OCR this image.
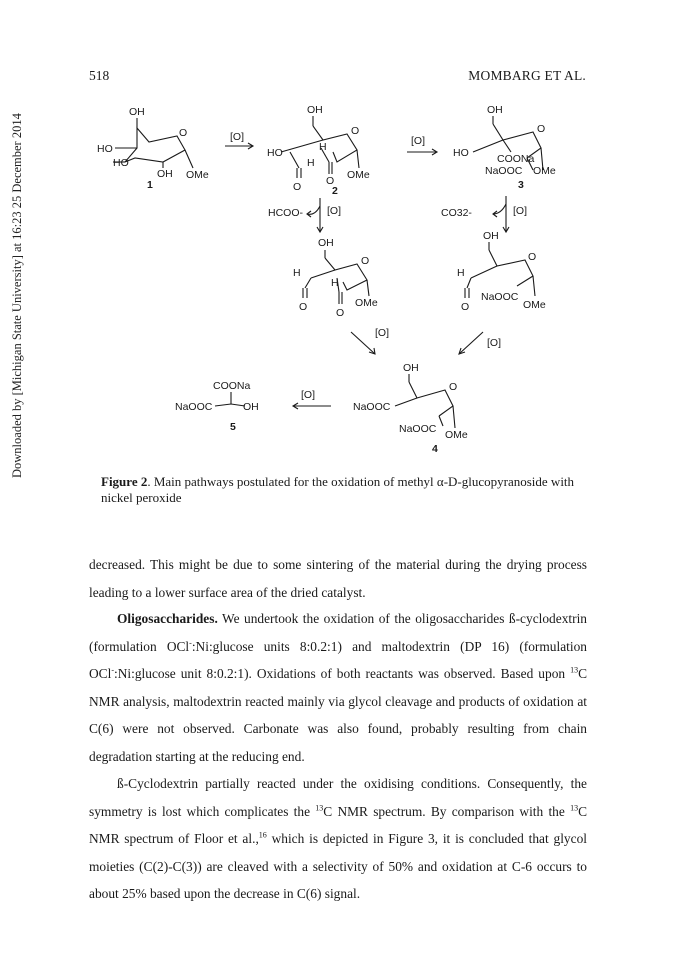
518	MOMBARG ET AL.
Downloaded by [Michigan State University] at 16:23 25 December 2014
OH
O
HO
HO
OH OMe
1
[O]
OH
O
HO	H
H
O
O
OMe
2
[O]
OH
O
HO	COONa
NaOOC OMe
3
HCOO- [O]	CO32-	[O]
OH
O
H
H
O	O
OMe
OH
O
H
O
NaOOC
OMe
[O]
[O]
OH
O
NaOOC
NaOOC OMe
4
[O]
COONa
NaOOC	OH
5
Figure 2. Main pathways postulated for the oxidation of methyl α-D-glucopyranoside with nickel peroxide
decreased. This might be due to some sintering of the material during the drying process leading to a lower surface area of the dried catalyst.
Oligosaccharides. We undertook the oxidation of the oligosaccharides ß-cyclodextrin (formulation OCl-:Ni:glucose units 8:0.2:1) and maltodextrin (DP 16) (formulation OCl-:Ni:glucose unit 8:0.2:1). Oxidations of both reactants was observed. Based upon $^{13}$C NMR analysis, maltodextrin reacted mainly via glycol cleavage and products of oxidation at C(6) were not observed. Carbonate was also found, probably resulting from chain degradation starting at the reducing end.
ß-Cyclodextrin partially reacted under the oxidising conditions. Consequently, the symmetry is lost which complicates the $^{13}$C NMR spectrum. By comparison with the $^{13}$C NMR spectrum of Floor et al.,$^{16}$ which is depicted in Figure 3, it is concluded that glycol moieties (C(2)-C(3)) are cleaved with a selectivity of 50% and oxidation at C-6 occurs to about 25% based upon the decrease in C(6) signal.
